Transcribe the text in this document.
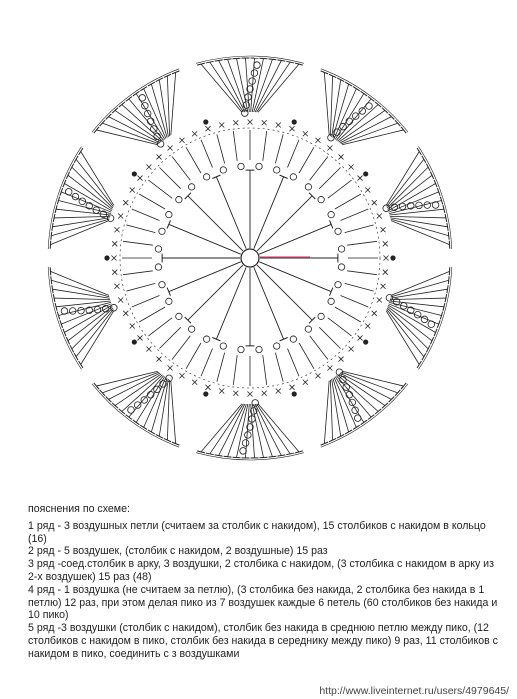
пояснения по схеме:

1 ряд - 3 воздушных петли (считаем за столбик с накидом), 15 столбиков с накидом в кольцо (16)

2 ряд - 5 воздушек, (столбик с накидом, 2 воздушные) 15 раз

3 ряд -соед.столбик в арку, 3 воздушки, 2 столбика с накидом, (3 столбика с накидом в арку из 2-х воздушек) 15 раз (48)

4 ряд - 1 воздушка (не считаем за петлю), (3 столбика без накида, 2 столбика без накида в 1 петлю) 12 раз, при этом делая пико из 7 воздушек каждые 6 петель (60 столбиков без накида и 10 пико)

5 ряд -3 воздушки (столбик с накидом), столбик без накида в среднюю петлю между пико, (12 столбиков с накидом в пико, столбик без накида в середнику между пико) 9 раз, 11 столбиков с накидом в пико, соединить с з воздушками

http://www.liveinternet.ru/users/4979645/
